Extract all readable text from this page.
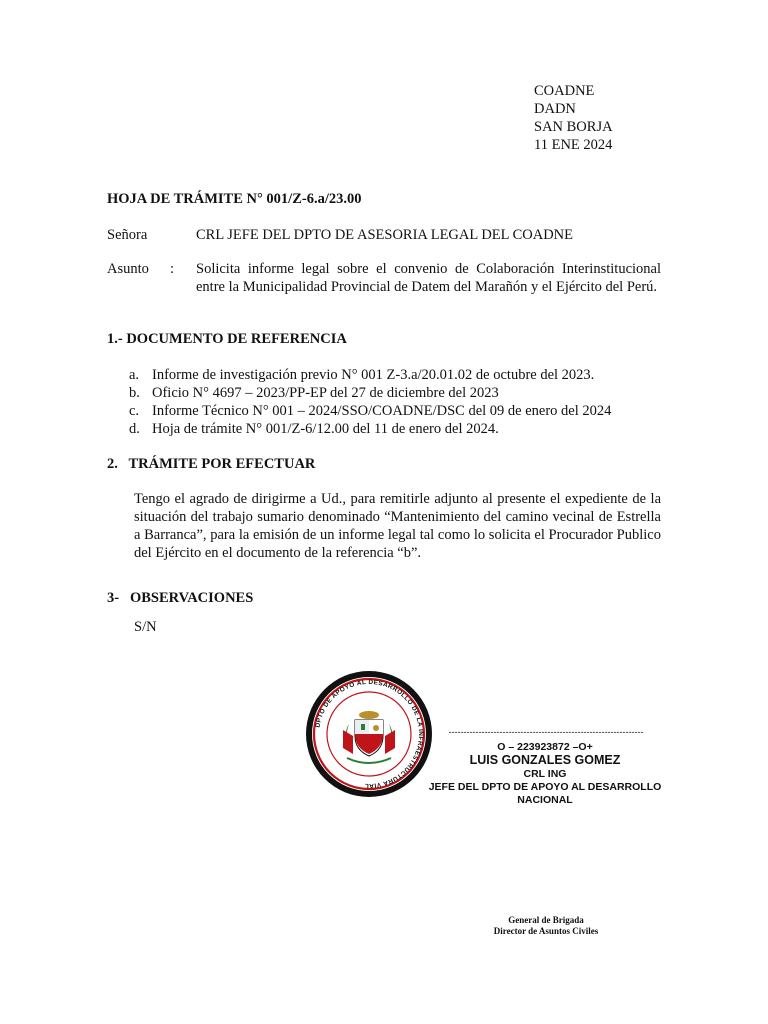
COADNE
DADN
SAN BORJA
11 ENE 2024
HOJA DE TRÁMITE N° 001/Z-6.a/23.00
Señora	CRL JEFE DEL DPTO DE ASESORIA LEGAL DEL COADNE
Asunto : Solicita informe legal sobre el convenio de Colaboración Interinstitucional entre la Municipalidad Provincial de Datem del Marañón y el Ejército del Perú.
1.- DOCUMENTO DE REFERENCIA
a. Informe de investigación previo N° 001 Z-3.a/20.01.02 de octubre del 2023.
b. Oficio N° 4697 – 2023/PP-EP del 27 de diciembre del 2023
c. Informe Técnico N° 001 – 2024/SSO/COADNE/DSC del 09 de enero del 2024
d. Hoja de trámite N° 001/Z-6/12.00 del 11 de enero del 2024.
2.   TRÁMITE POR EFECTUAR
Tengo el agrado de dirigirme a Ud., para remitirle adjunto al presente el expediente de la situación del trabajo sumario denominado “Mantenimiento del camino vecinal de Estrella a Barranca”, para la emisión de un informe legal tal como lo solicita el Procurador Publico del Ejército en el documento de la referencia “b”.
3-   OBSERVACIONES
S/N
DPTO DE APOYO AL DESARROLLO DE LA INFRAESTRUCTURA VIAL
-----------------------------------------------------------------
O – 223923872 –O+
LUIS GONZALES GOMEZ
CRL ING
JEFE DEL DPTO DE APOYO AL DESARROLLO
NACIONAL
General de Brigada
Director de Asuntos Civiles
